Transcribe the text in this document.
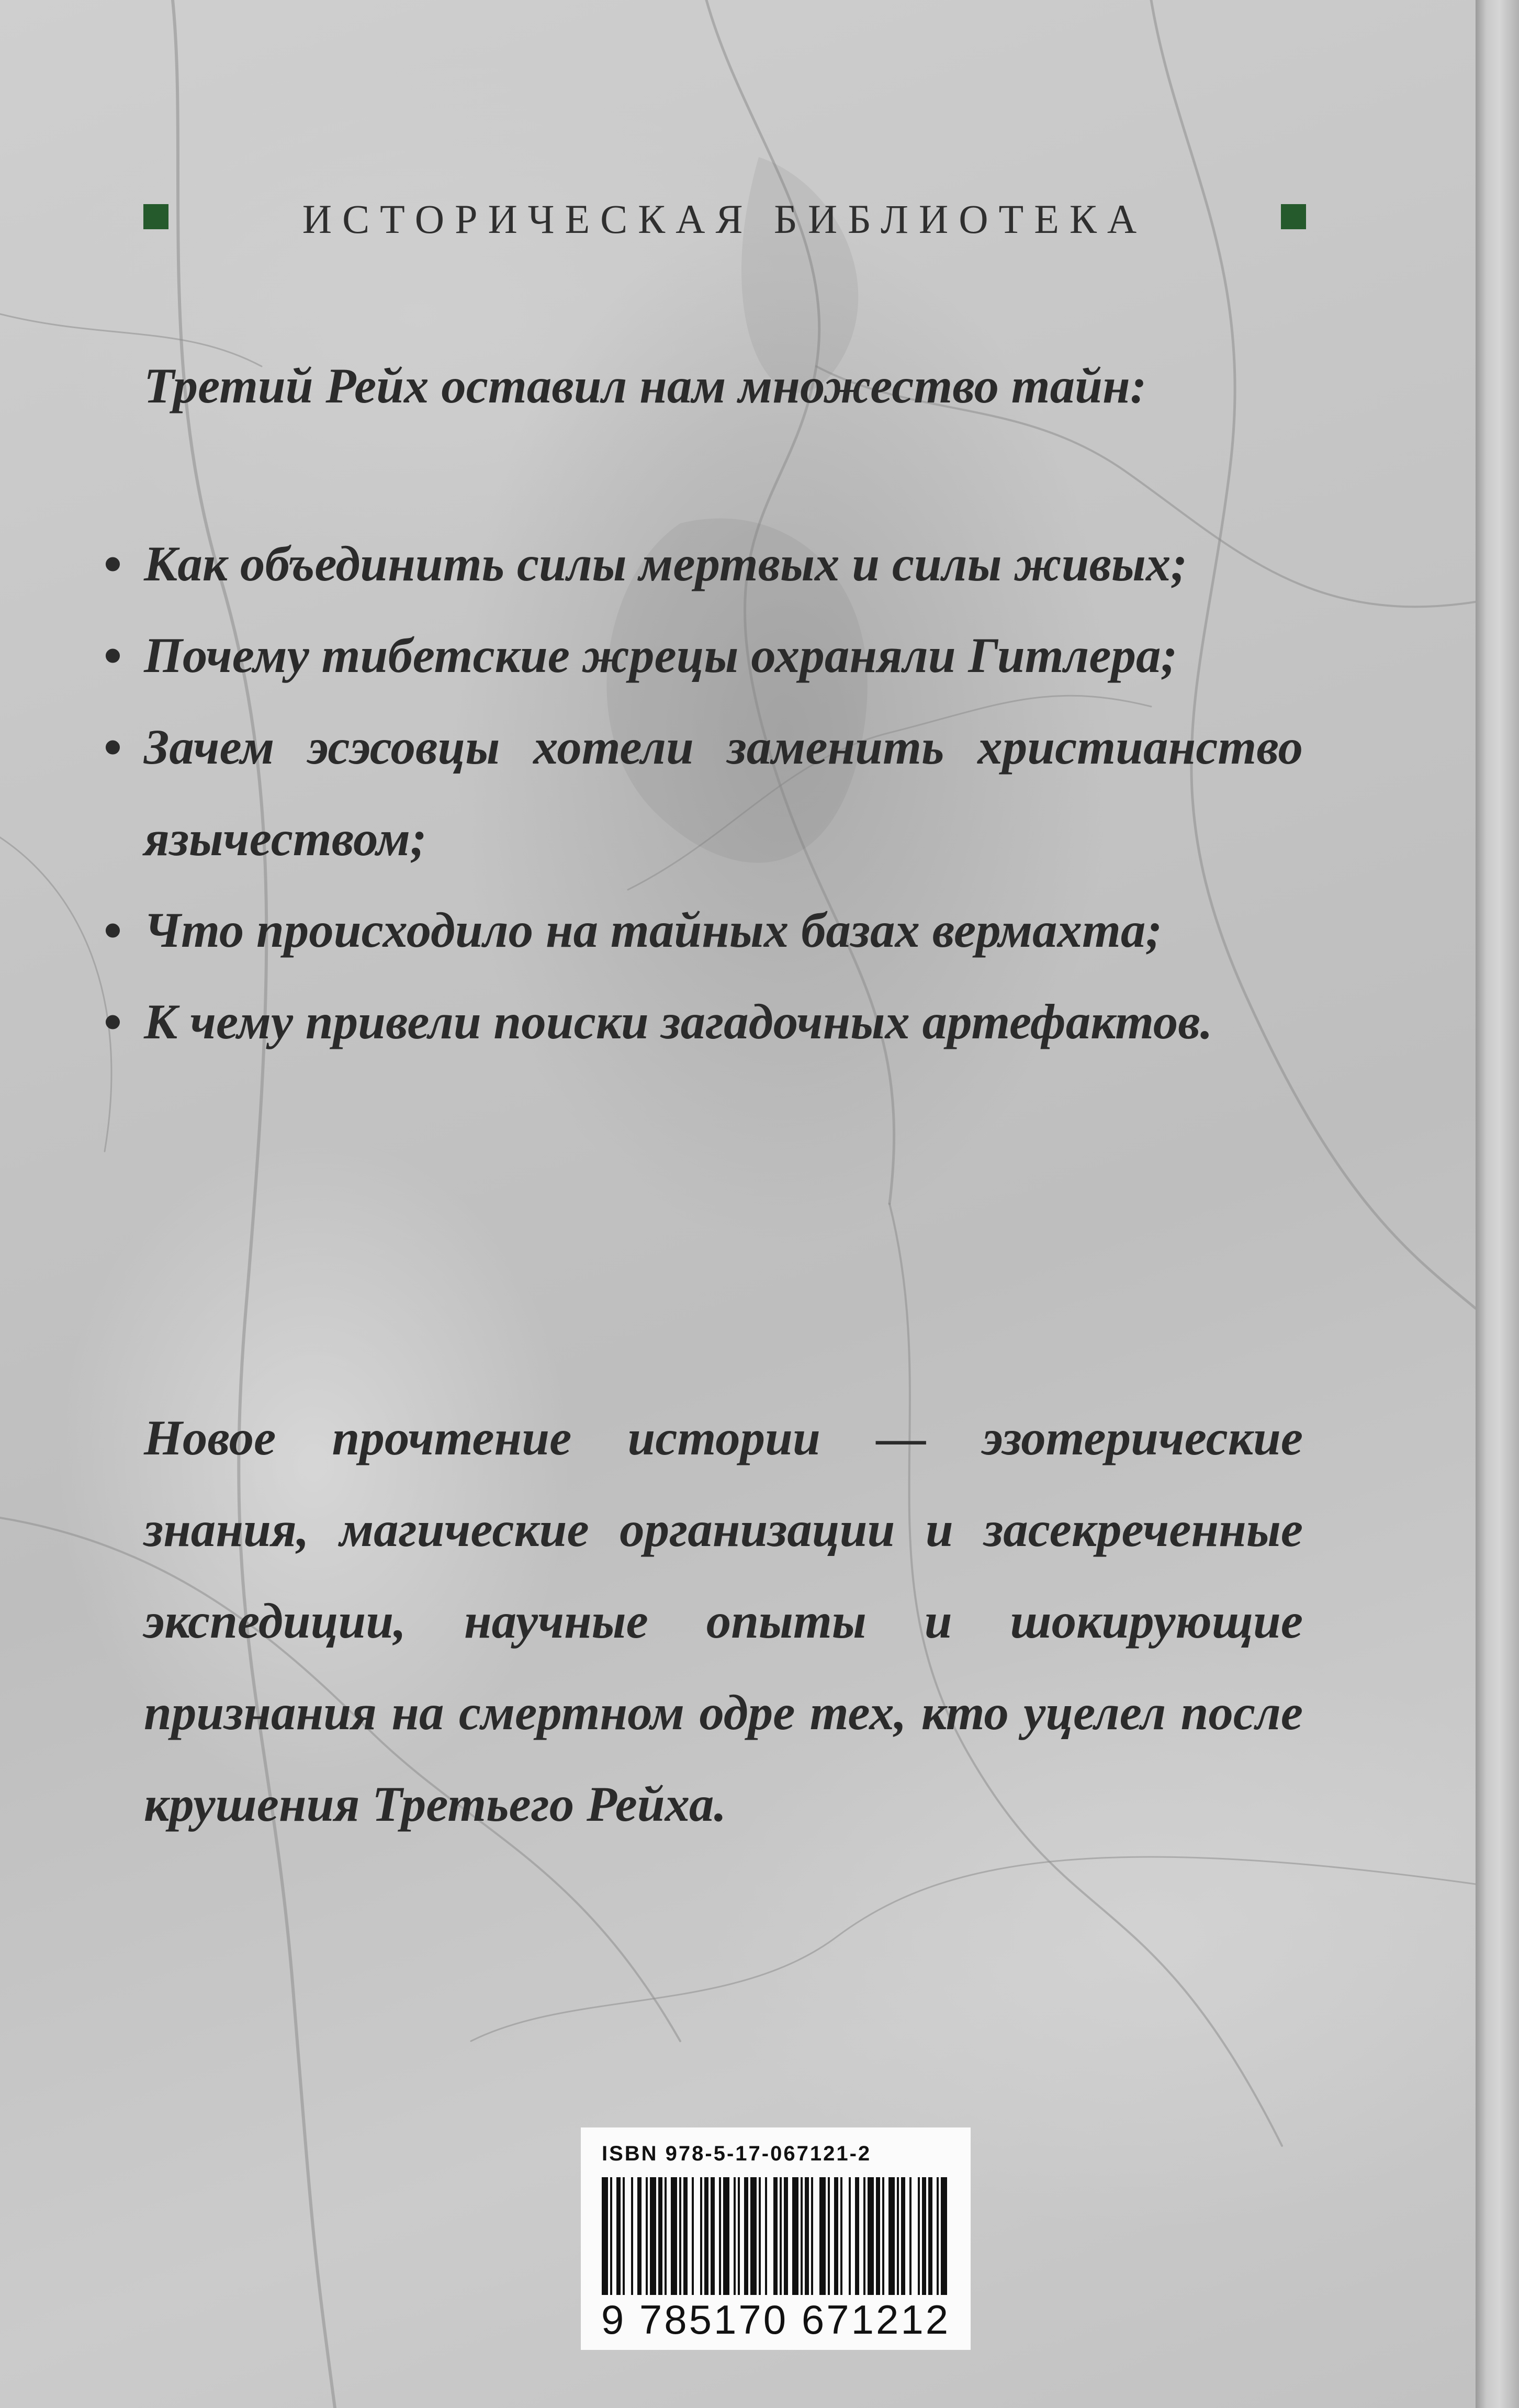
ИСТОРИЧЕСКАЯ БИБЛИОТЕКА
Третий Рейх оставил нам множество тайн:
• Как объединить силы мертвых и силы живых;
• Почему тибетские жрецы охраняли Гитлера;
• Зачем эсэсовцы хотели заменить христианство язычеством;
• Что происходило на тайных базах вермахта;
• К чему привели поиски загадочных артефактов.
Новое прочтение истории — эзотерические знания, магические организации и засекреченные экспедиции, научные опыты и шокирующие признания на смертном одре тех, кто уцелел после крушения Третьего Рейха.
ISBN 978-5-17-067121-2
9 785170 671212
